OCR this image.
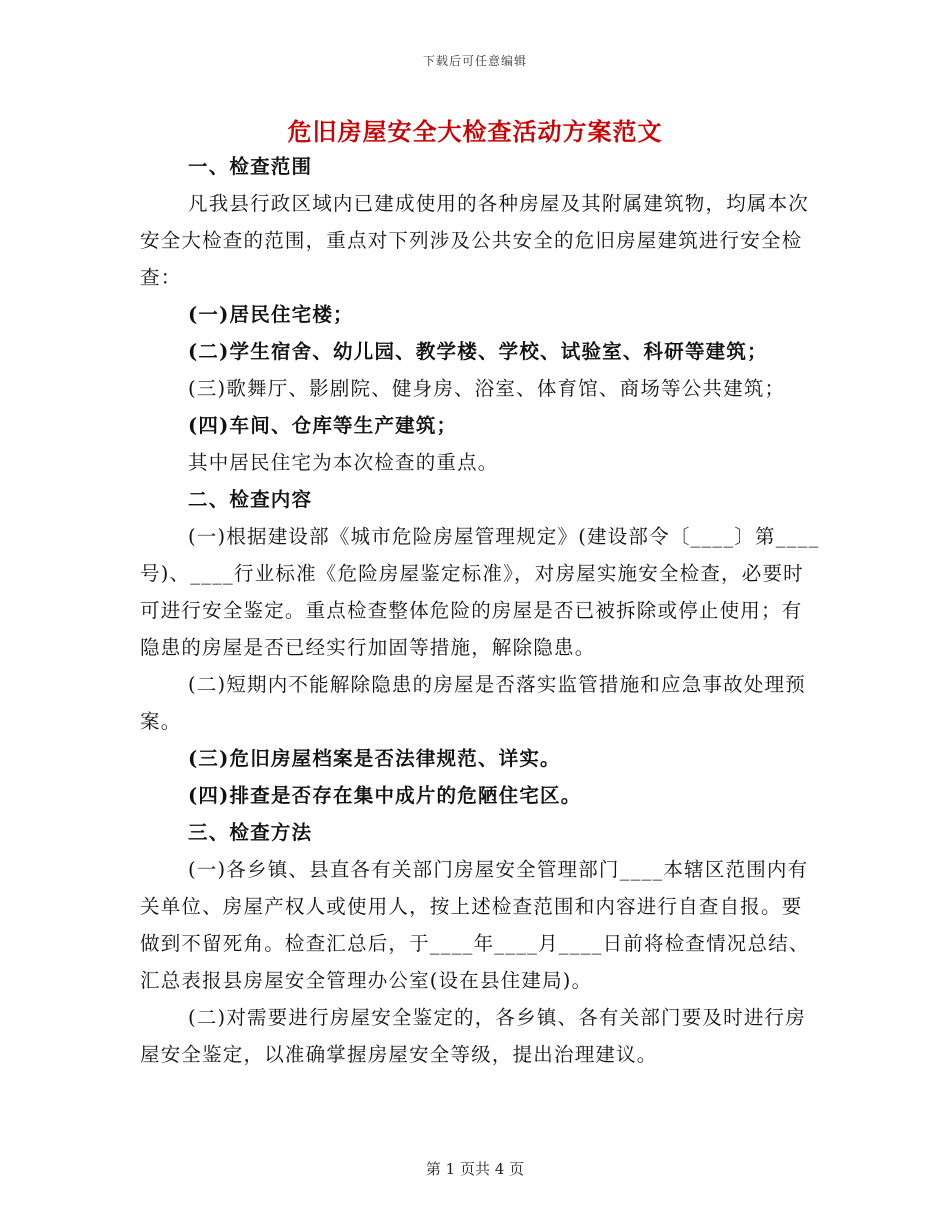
下载后可任意编辑
危旧房屋安全大检查活动方案范文

一、检查范围

凡我县行政区域内已建成使用的各种房屋及其附属建筑物，均属本次安全大检查的范围，重点对下列涉及公共安全的危旧房屋建筑进行安全检查：

(一)居民住宅楼；

(二)学生宿舍、幼儿园、教学楼、学校、试验室、科研等建筑；

(三)歌舞厅、影剧院、健身房、浴室、体育馆、商场等公共建筑；

(四)车间、仓库等生产建筑；

其中居民住宅为本次检查的重点。

二、检查内容

(一)根据建设部《城市危险房屋管理规定》(建设部令〔____〕第____号)、____行业标准《危险房屋鉴定标准》，对房屋实施安全检查，必要时可进行安全鉴定。重点检查整体危险的房屋是否已被拆除或停止使用；有隐患的房屋是否已经实行加固等措施，解除隐患。

(二)短期内不能解除隐患的房屋是否落实监管措施和应急事故处理预案。

(三)危旧房屋档案是否法律规范、详实。

(四)排查是否存在集中成片的危陋住宅区。

三、检查方法

(一)各乡镇、县直各有关部门房屋安全管理部门____本辖区范围内有关单位、房屋产权人或使用人，按上述检查范围和内容进行自查自报。要做到不留死角。检查汇总后，于____年____月____日前将检查情况总结、汇总表报县房屋安全管理办公室(设在县住建局)。

(二)对需要进行房屋安全鉴定的，各乡镇、各有关部门要及时进行房屋安全鉴定，以准确掌握房屋安全等级，提出治理建议。

第 1 页共 4 页
